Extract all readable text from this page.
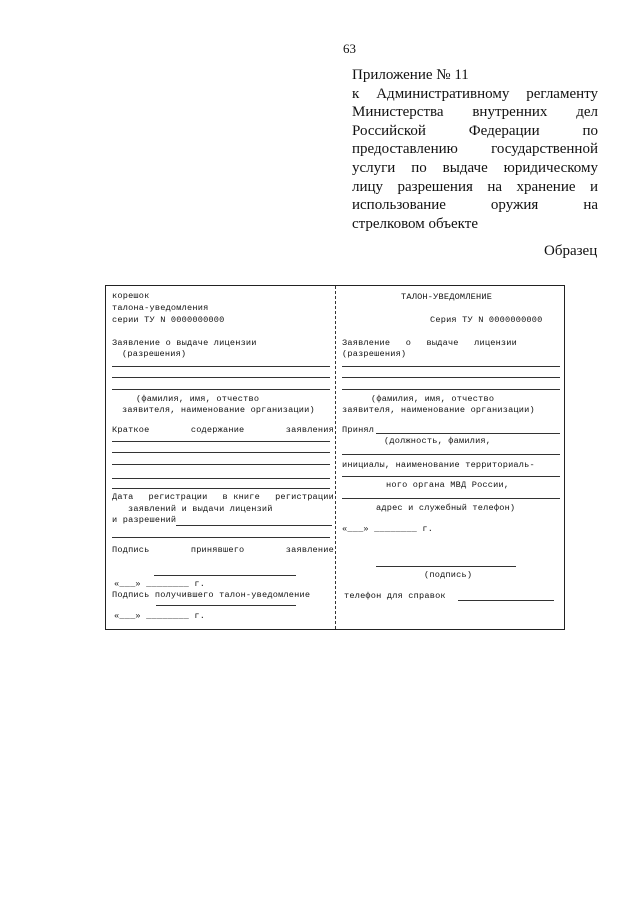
63
Приложение № 11
к Административному регламенту
Министерства внутренних дел
Российской Федерации по
предоставлению государственной
услуги по выдаче юридическому
лицу разрешения на хранение и
использование оружия на
стрелковом объекте
Образец
корешок
талона-уведомления
серии ТУ N 0000000000
Заявление о выдаче лицензии
(разрешения)
(фамилия, имя, отчество
заявителя, наименование организации)
Краткое	содержание	заявления
Дата регистрации в книге регистрации
заявлений и выдачи лицензий
и разрешений
Подпись	принявшего	заявление
«___» ________ г.
Подпись получившего талон-уведомление
«___» ________ г.
ТАЛОН-УВЕДОМЛЕНИЕ
Серия ТУ N 0000000000
Заявление о выдаче лицензии
(разрешения)
(фамилия, имя, отчество
заявителя, наименование организации)
Принял
(должность, фамилия,
инициалы, наименование территориаль-
ного органа МВД России,
адрес и служебный телефон)
«___» ________ г.
(подпись)
телефон для справок
